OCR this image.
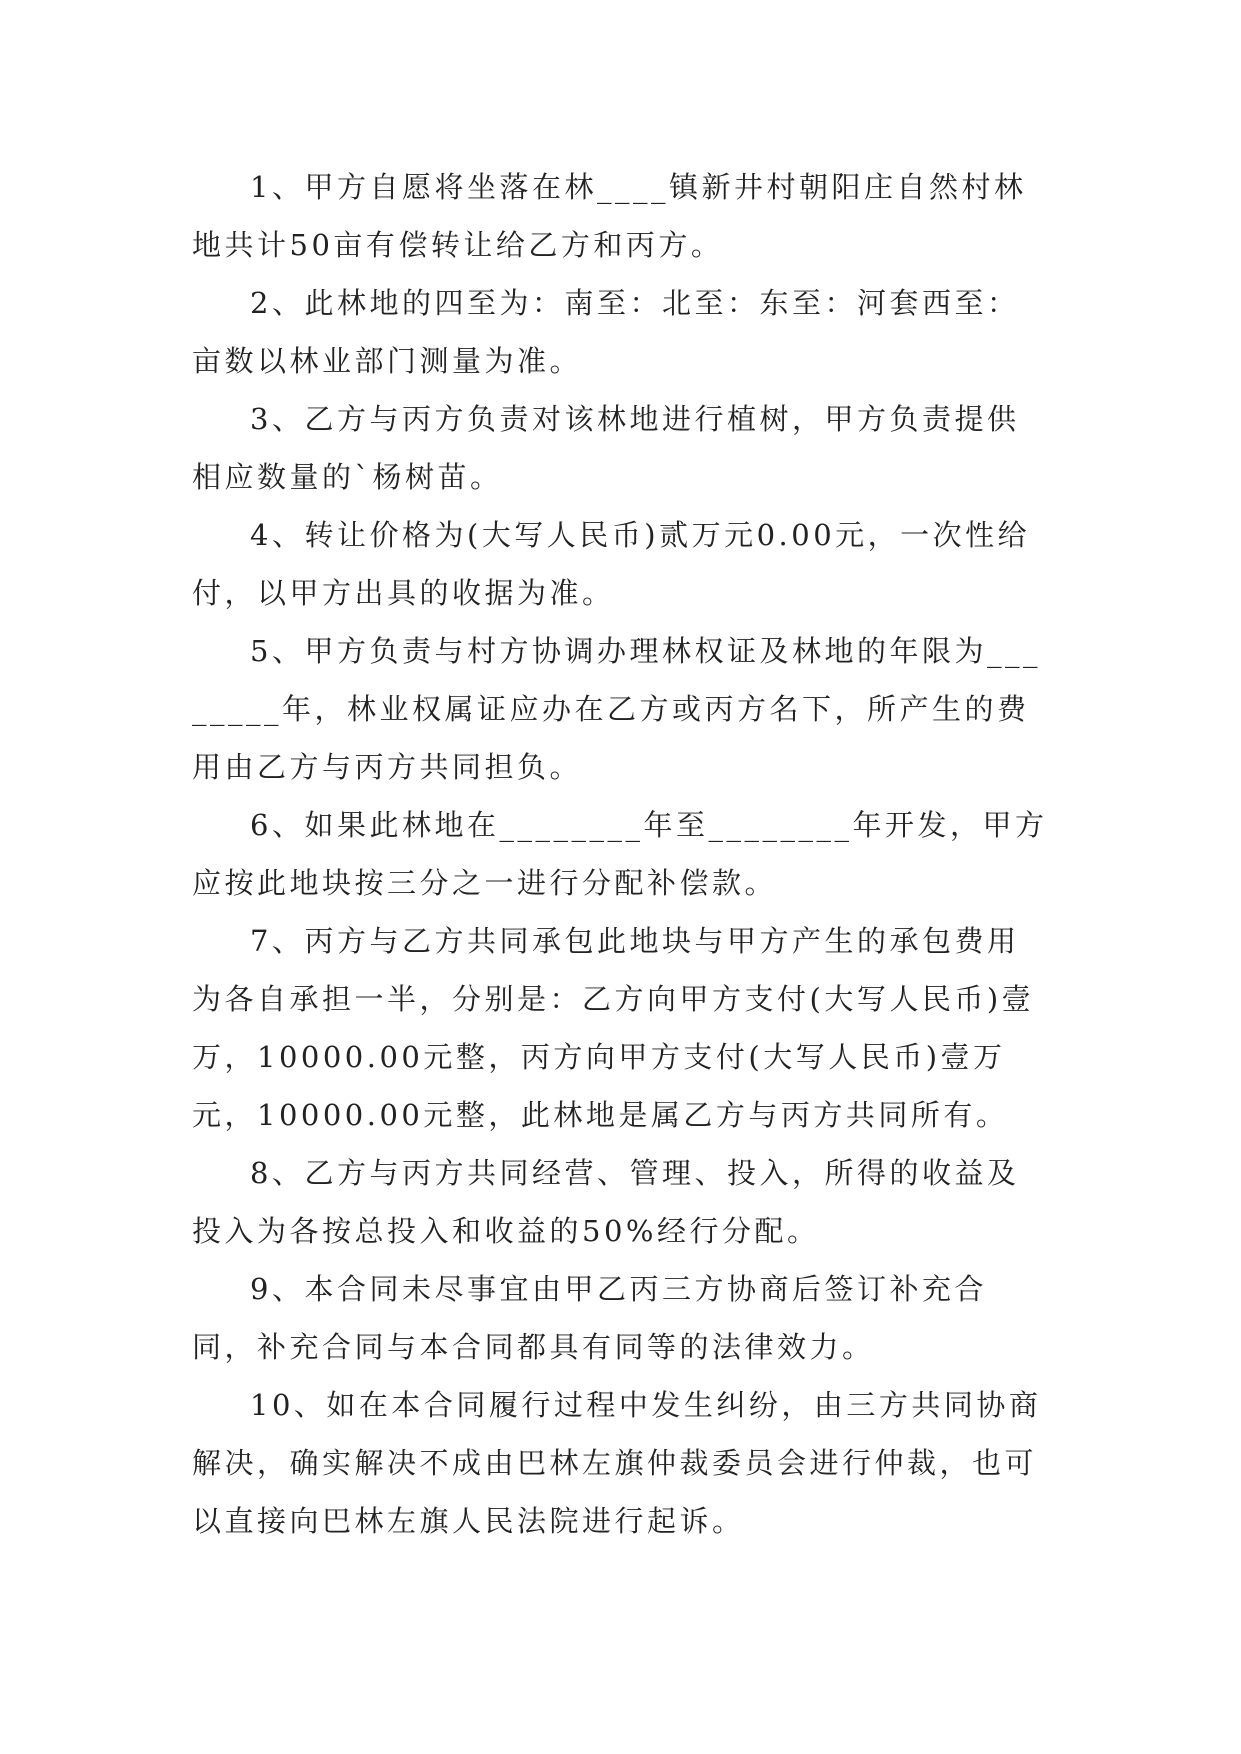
1、甲方自愿将坐落在林____镇新井村朝阳庄自然村林地共计50亩有偿转让给乙方和丙方。

2、此林地的四至为：南至：北至：东至：河套西至：亩数以林业部门测量为准。

3、乙方与丙方负责对该林地进行植树，甲方负责提供相应数量的`杨树苗。

4、转让价格为(大写人民币)贰万元0.00元，一次性给付，以甲方出具的收据为准。

5、甲方负责与村方协调办理林权证及林地的年限为________年，林业权属证应办在乙方或丙方名下，所产生的费用由乙方与丙方共同担负。

6、如果此林地在________年至________年开发，甲方应按此地块按三分之一进行分配补偿款。

7、丙方与乙方共同承包此地块与甲方产生的承包费用为各自承担一半，分别是：乙方向甲方支付(大写人民币)壹万，10000.00元整，丙方向甲方支付(大写人民币)壹万元，10000.00元整，此林地是属乙方与丙方共同所有。

8、乙方与丙方共同经营、管理、投入，所得的收益及投入为各按总投入和收益的50%经行分配。

9、本合同未尽事宜由甲乙丙三方协商后签订补充合同，补充合同与本合同都具有同等的法律效力。

10、如在本合同履行过程中发生纠纷，由三方共同协商解决，确实解决不成由巴林左旗仲裁委员会进行仲裁，也可以直接向巴林左旗人民法院进行起诉。
